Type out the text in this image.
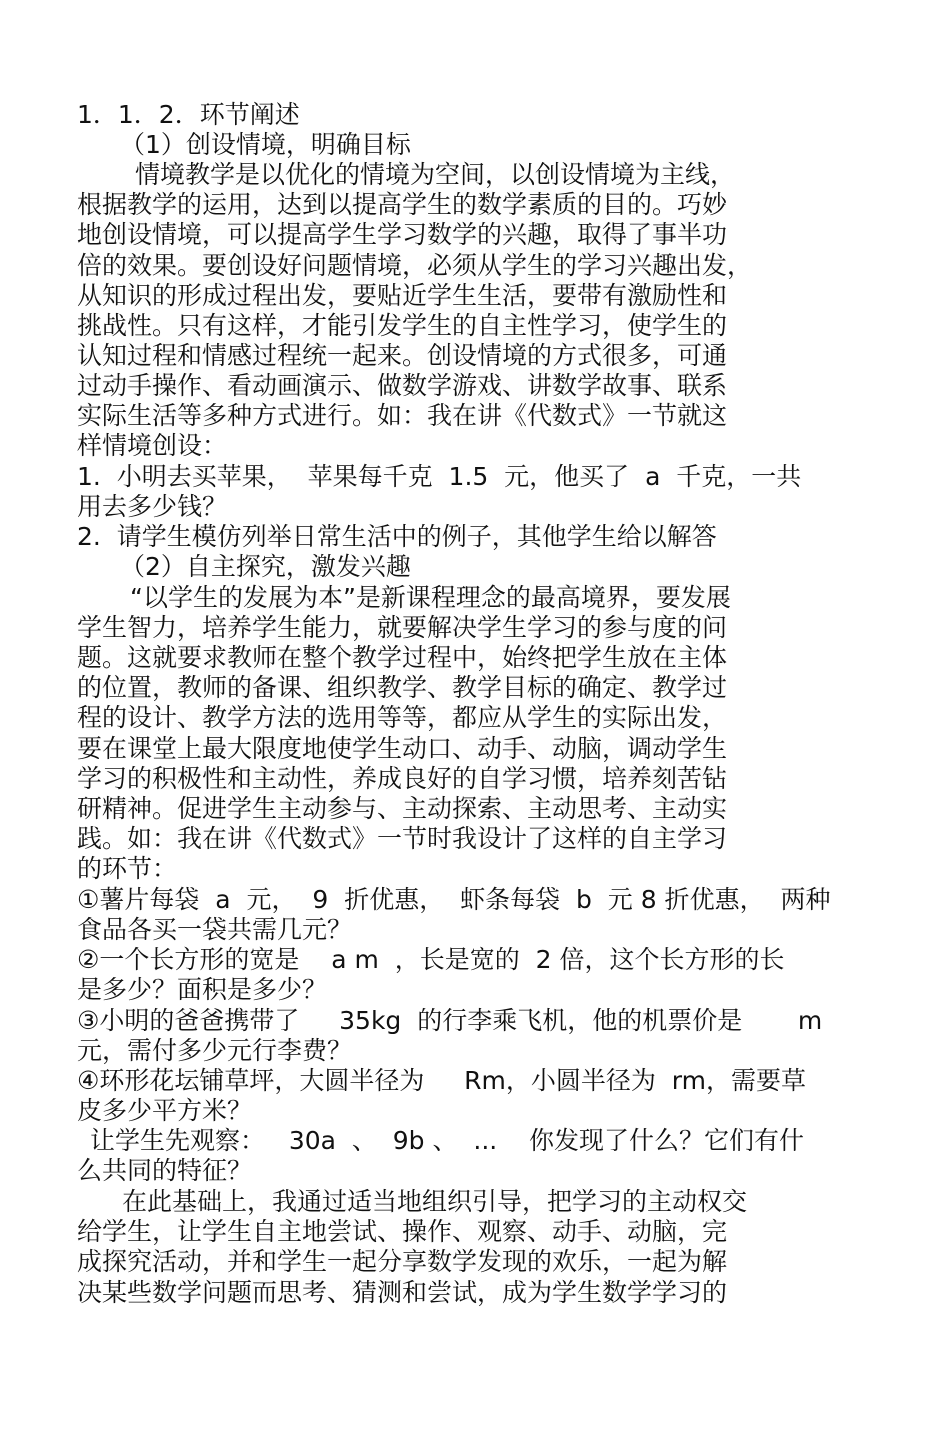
1．1．2．环节阐述
（1）创设情境，明确目标
情境教学是以优化的情境为空间，以创设情境为主线，
根据教学的运用，达到以提高学生的数学素质的目的。巧妙
地创设情境，可以提高学生学习数学的兴趣，取得了事半功
倍的效果。要创设好问题情境，必须从学生的学习兴趣出发，
从知识的形成过程出发，要贴近学生生活，要带有激励性和
挑战性。只有这样，才能引发学生的自主性学习，使学生的
认知过程和情感过程统一起来。创设情境的方式很多，可通
过动手操作、看动画演示、做数学游戏、讲数学故事、联系
实际生活等多种方式进行。如：我在讲《代数式》一节就这
样情境创设：
1.  小明去买苹果，  苹果每千克  1.5  元，他买了  a  千克，一共
用去多少钱？
2.  请学生模仿列举日常生活中的例子，其他学生给以解答
（2）自主探究，激发兴趣
“以学生的发展为本”是新课程理念的最高境界，要发展
学生智力，培养学生能力，就要解决学生学习的参与度的问
题。这就要求教师在整个教学过程中，始终把学生放在主体
的位置，教师的备课、组织教学、教学目标的确定、教学过
程的设计、教学方法的选用等等，都应从学生的实际出发，
要在课堂上最大限度地使学生动口、动手、动脑，调动学生
学习的积极性和主动性，养成良好的自学习惯，培养刻苦钻
研精神。促进学生主动参与、主动探索、主动思考、主动实
践。如：我在讲《代数式》一节时我设计了这样的自主学习
的环节：
①薯片每袋  a  元，  9  折优惠，  虾条每袋  b  元 8 折优惠，  两种
食品各买一袋共需几元？
②一个长方形的宽是    a m  ，长是宽的  2 倍，这个长方形的长
是多少？面积是多少？
③小明的爸爸携带了     35kg  的行李乘飞机，他的机票价是       m
元，需付多少元行李费？
④环形花坛铺草坪，大圆半径为     Rm，小圆半径为  rm，需要草
皮多少平方米？
让学生先观察：   30a  、  9b 、  ...    你发现了什么？它们有什
么共同的特征？
在此基础上，我通过适当地组织引导，把学习的主动权交
给学生，让学生自主地尝试、操作、观察、动手、动脑，完
成探究活动，并和学生一起分享数学发现的欢乐，一起为解
决某些数学问题而思考、猜测和尝试，成为学生数学学习的
